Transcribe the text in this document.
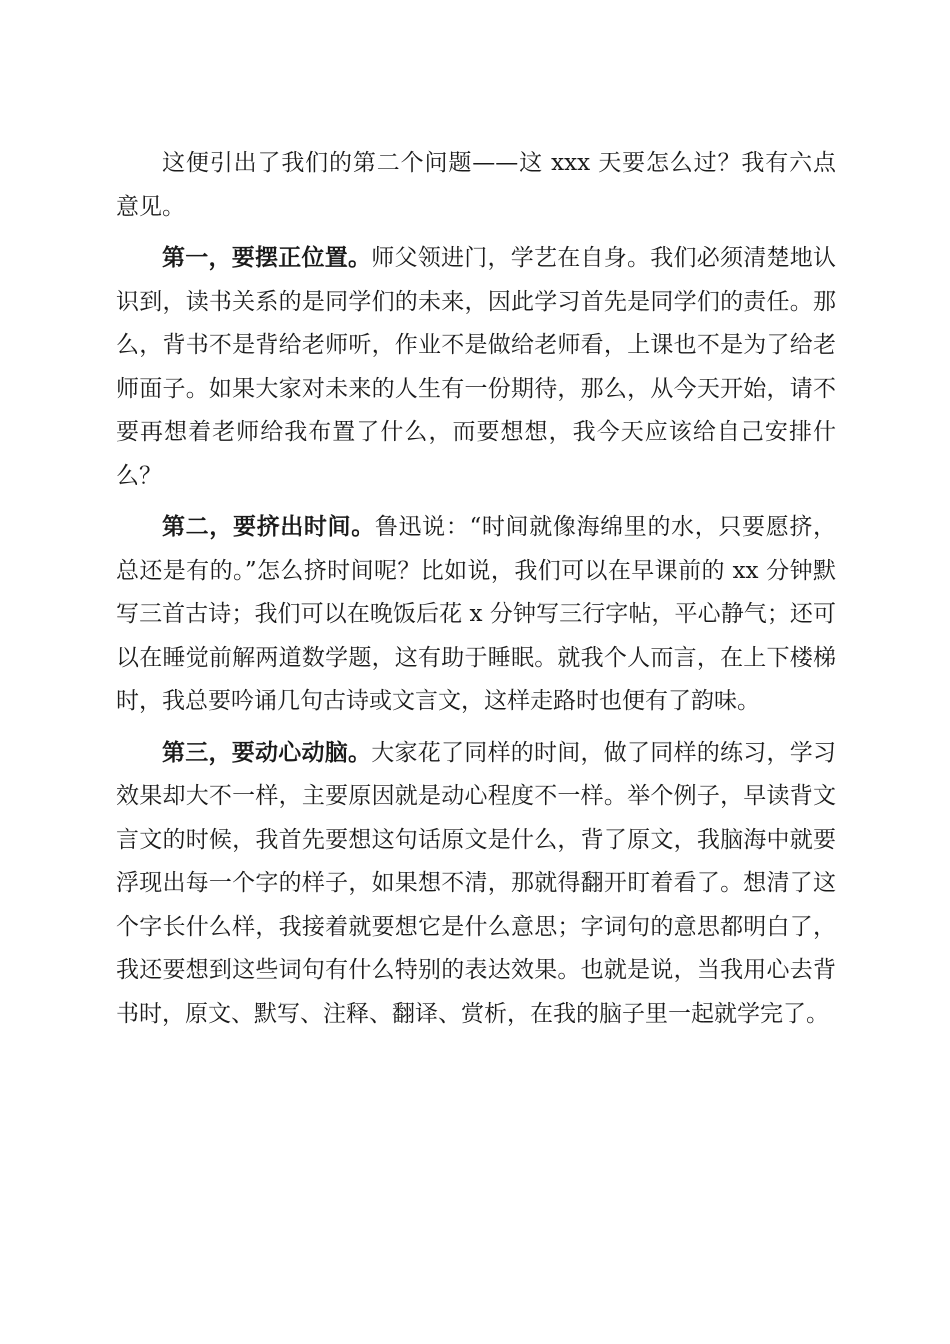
这便引出了我们的第二个问题——这 xxx 天要怎么过？我有六点意见。

第一，要摆正位置。师父领进门，学艺在自身。我们必须清楚地认识到，读书关系的是同学们的未来，因此学习首先是同学们的责任。那么，背书不是背给老师听，作业不是做给老师看，上课也不是为了给老师面子。如果大家对未来的人生有一份期待，那么，从今天开始，请不要再想着老师给我布置了什么，而要想想，我今天应该给自己安排什么？

第二，要挤出时间。鲁迅说：“时间就像海绵里的水，只要愿挤，总还是有的。”怎么挤时间呢？比如说，我们可以在早课前的 xx 分钟默写三首古诗；我们可以在晚饭后花 x 分钟写三行字帖，平心静气；还可以在睡觉前解两道数学题，这有助于睡眠。就我个人而言，在上下楼梯时，我总要吟诵几句古诗或文言文，这样走路时也便有了韵味。

第三，要动心动脑。大家花了同样的时间，做了同样的练习，学习效果却大不一样，主要原因就是动心程度不一样。举个例子，早读背文言文的时候，我首先要想这句话原文是什么，背了原文，我脑海中就要浮现出每一个字的样子，如果想不清，那就得翻开盯着看了。想清了这个字长什么样，我接着就要想它是什么意思；字词句的意思都明白了，我还要想到这些词句有什么特别的表达效果。也就是说，当我用心去背书时，原文、默写、注释、翻译、赏析，在我的脑子里一起就学完了。
